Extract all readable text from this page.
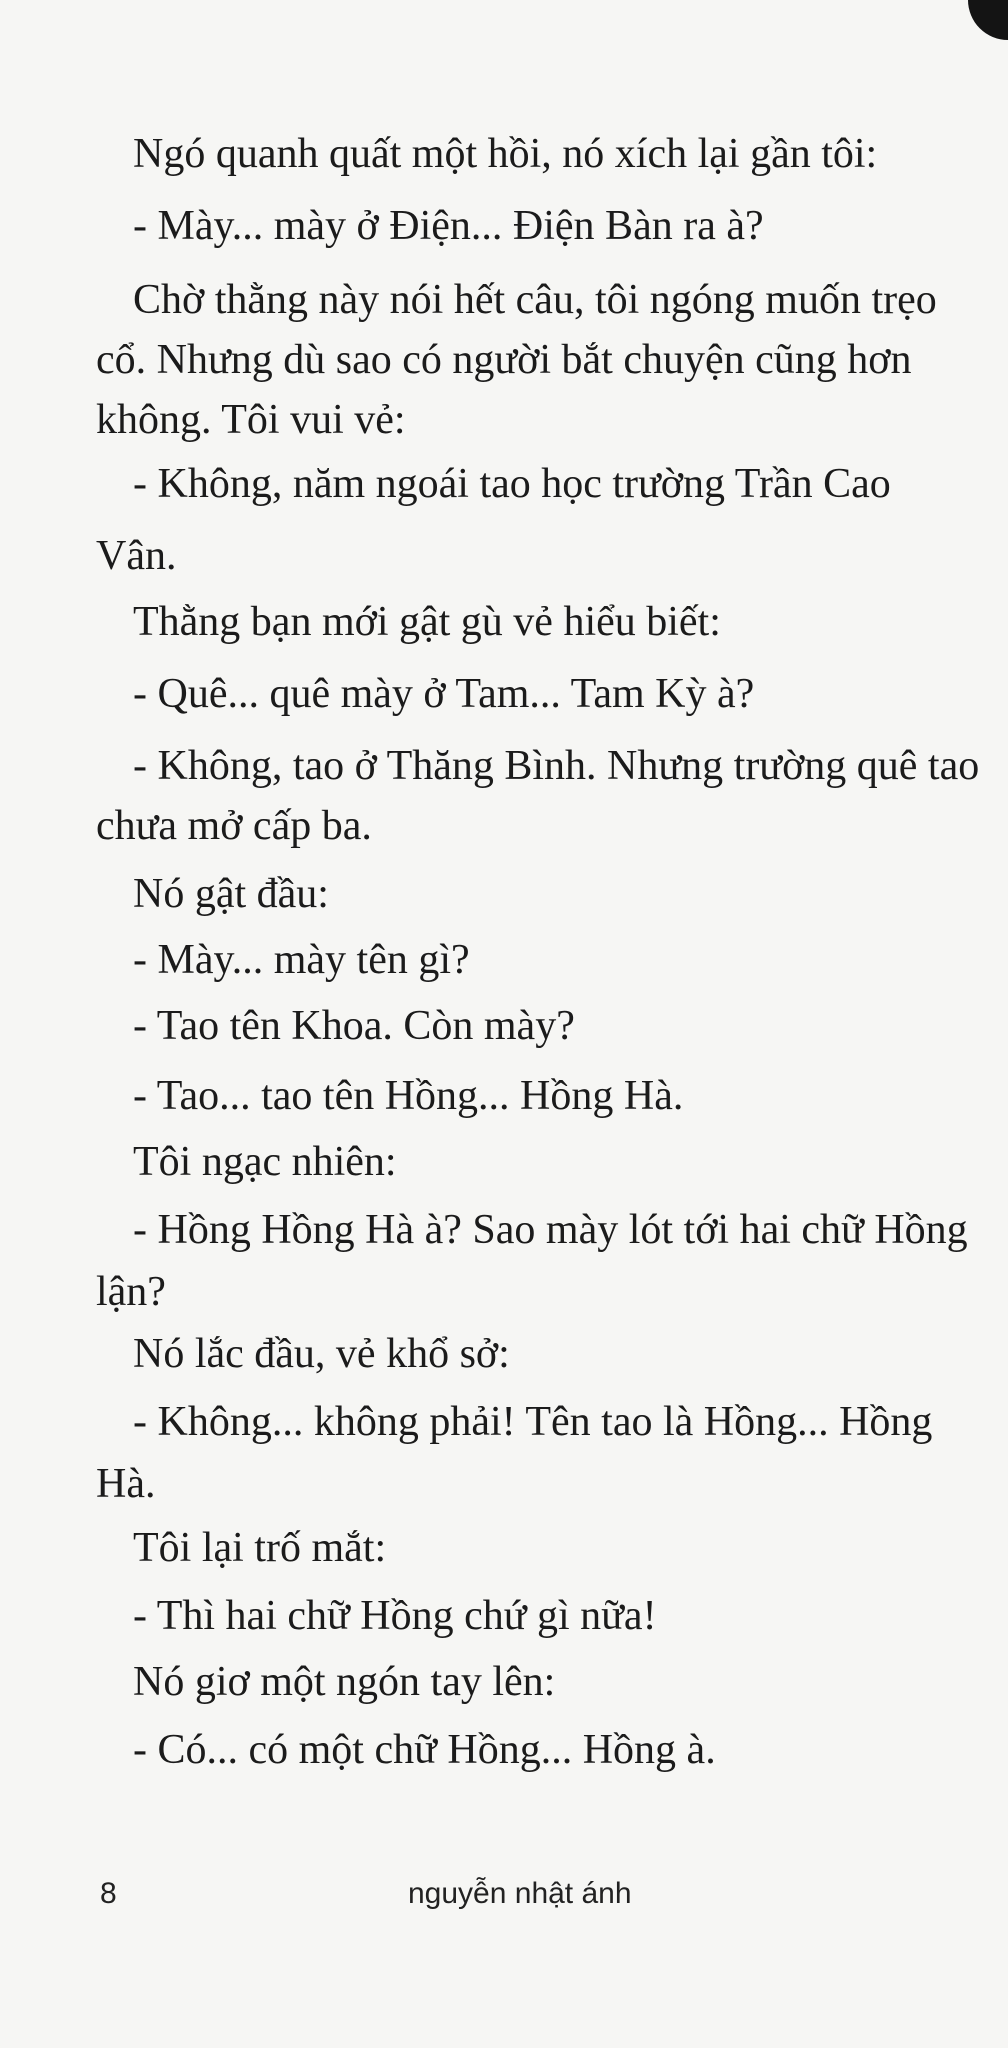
Ngó quanh quất một hồi, nó xích lại gần tôi:
- Mày... mày ở Điện... Điện Bàn ra à?
Chờ thằng này nói hết câu, tôi ngóng muốn trẹo
cổ. Nhưng dù sao có người bắt chuyện cũng hơn
không. Tôi vui vẻ:
- Không, năm ngoái tao học trường Trần Cao
Vân.
Thằng bạn mới gật gù vẻ hiểu biết:
- Quê... quê mày ở Tam... Tam Kỳ à?
- Không, tao ở Thăng Bình. Nhưng trường quê tao
chưa mở cấp ba.
Nó gật đầu:
- Mày... mày tên gì?
- Tao tên Khoa. Còn mày?
- Tao... tao tên Hồng... Hồng Hà.
Tôi ngạc nhiên:
- Hồng Hồng Hà à? Sao mày lót tới hai chữ Hồng
lận?
Nó lắc đầu, vẻ khổ sở:
- Không... không phải! Tên tao là Hồng... Hồng
Hà.
Tôi lại trố mắt:
- Thì hai chữ Hồng chứ gì nữa!
Nó giơ một ngón tay lên:
- Có... có một chữ Hồng... Hồng à.
8	nguyễn nhật ánh
